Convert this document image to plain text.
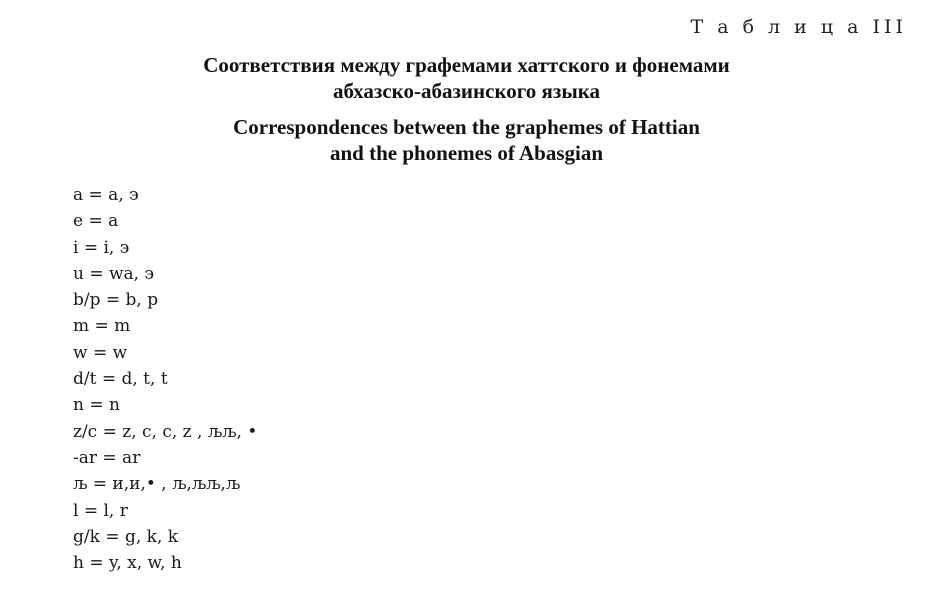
Т а б л и ц а III
Соответствия между графемами хаттского и фонемами
абхазско-абазинского языка
Correspondences between the graphemes of Hattian
and the phonemes of Abasgian
a = a, э
e = a
i = i, э
u = wa, э
b/p = b, p
m = m
w = w
d/t = d, t, t
n = n
z/c = z, c, c, z , љљ, •
-ar = ar
љ = и,и,• , љ,љљ,љ
l = l, r
g/k = g, k, k
h = y, x, w, h
